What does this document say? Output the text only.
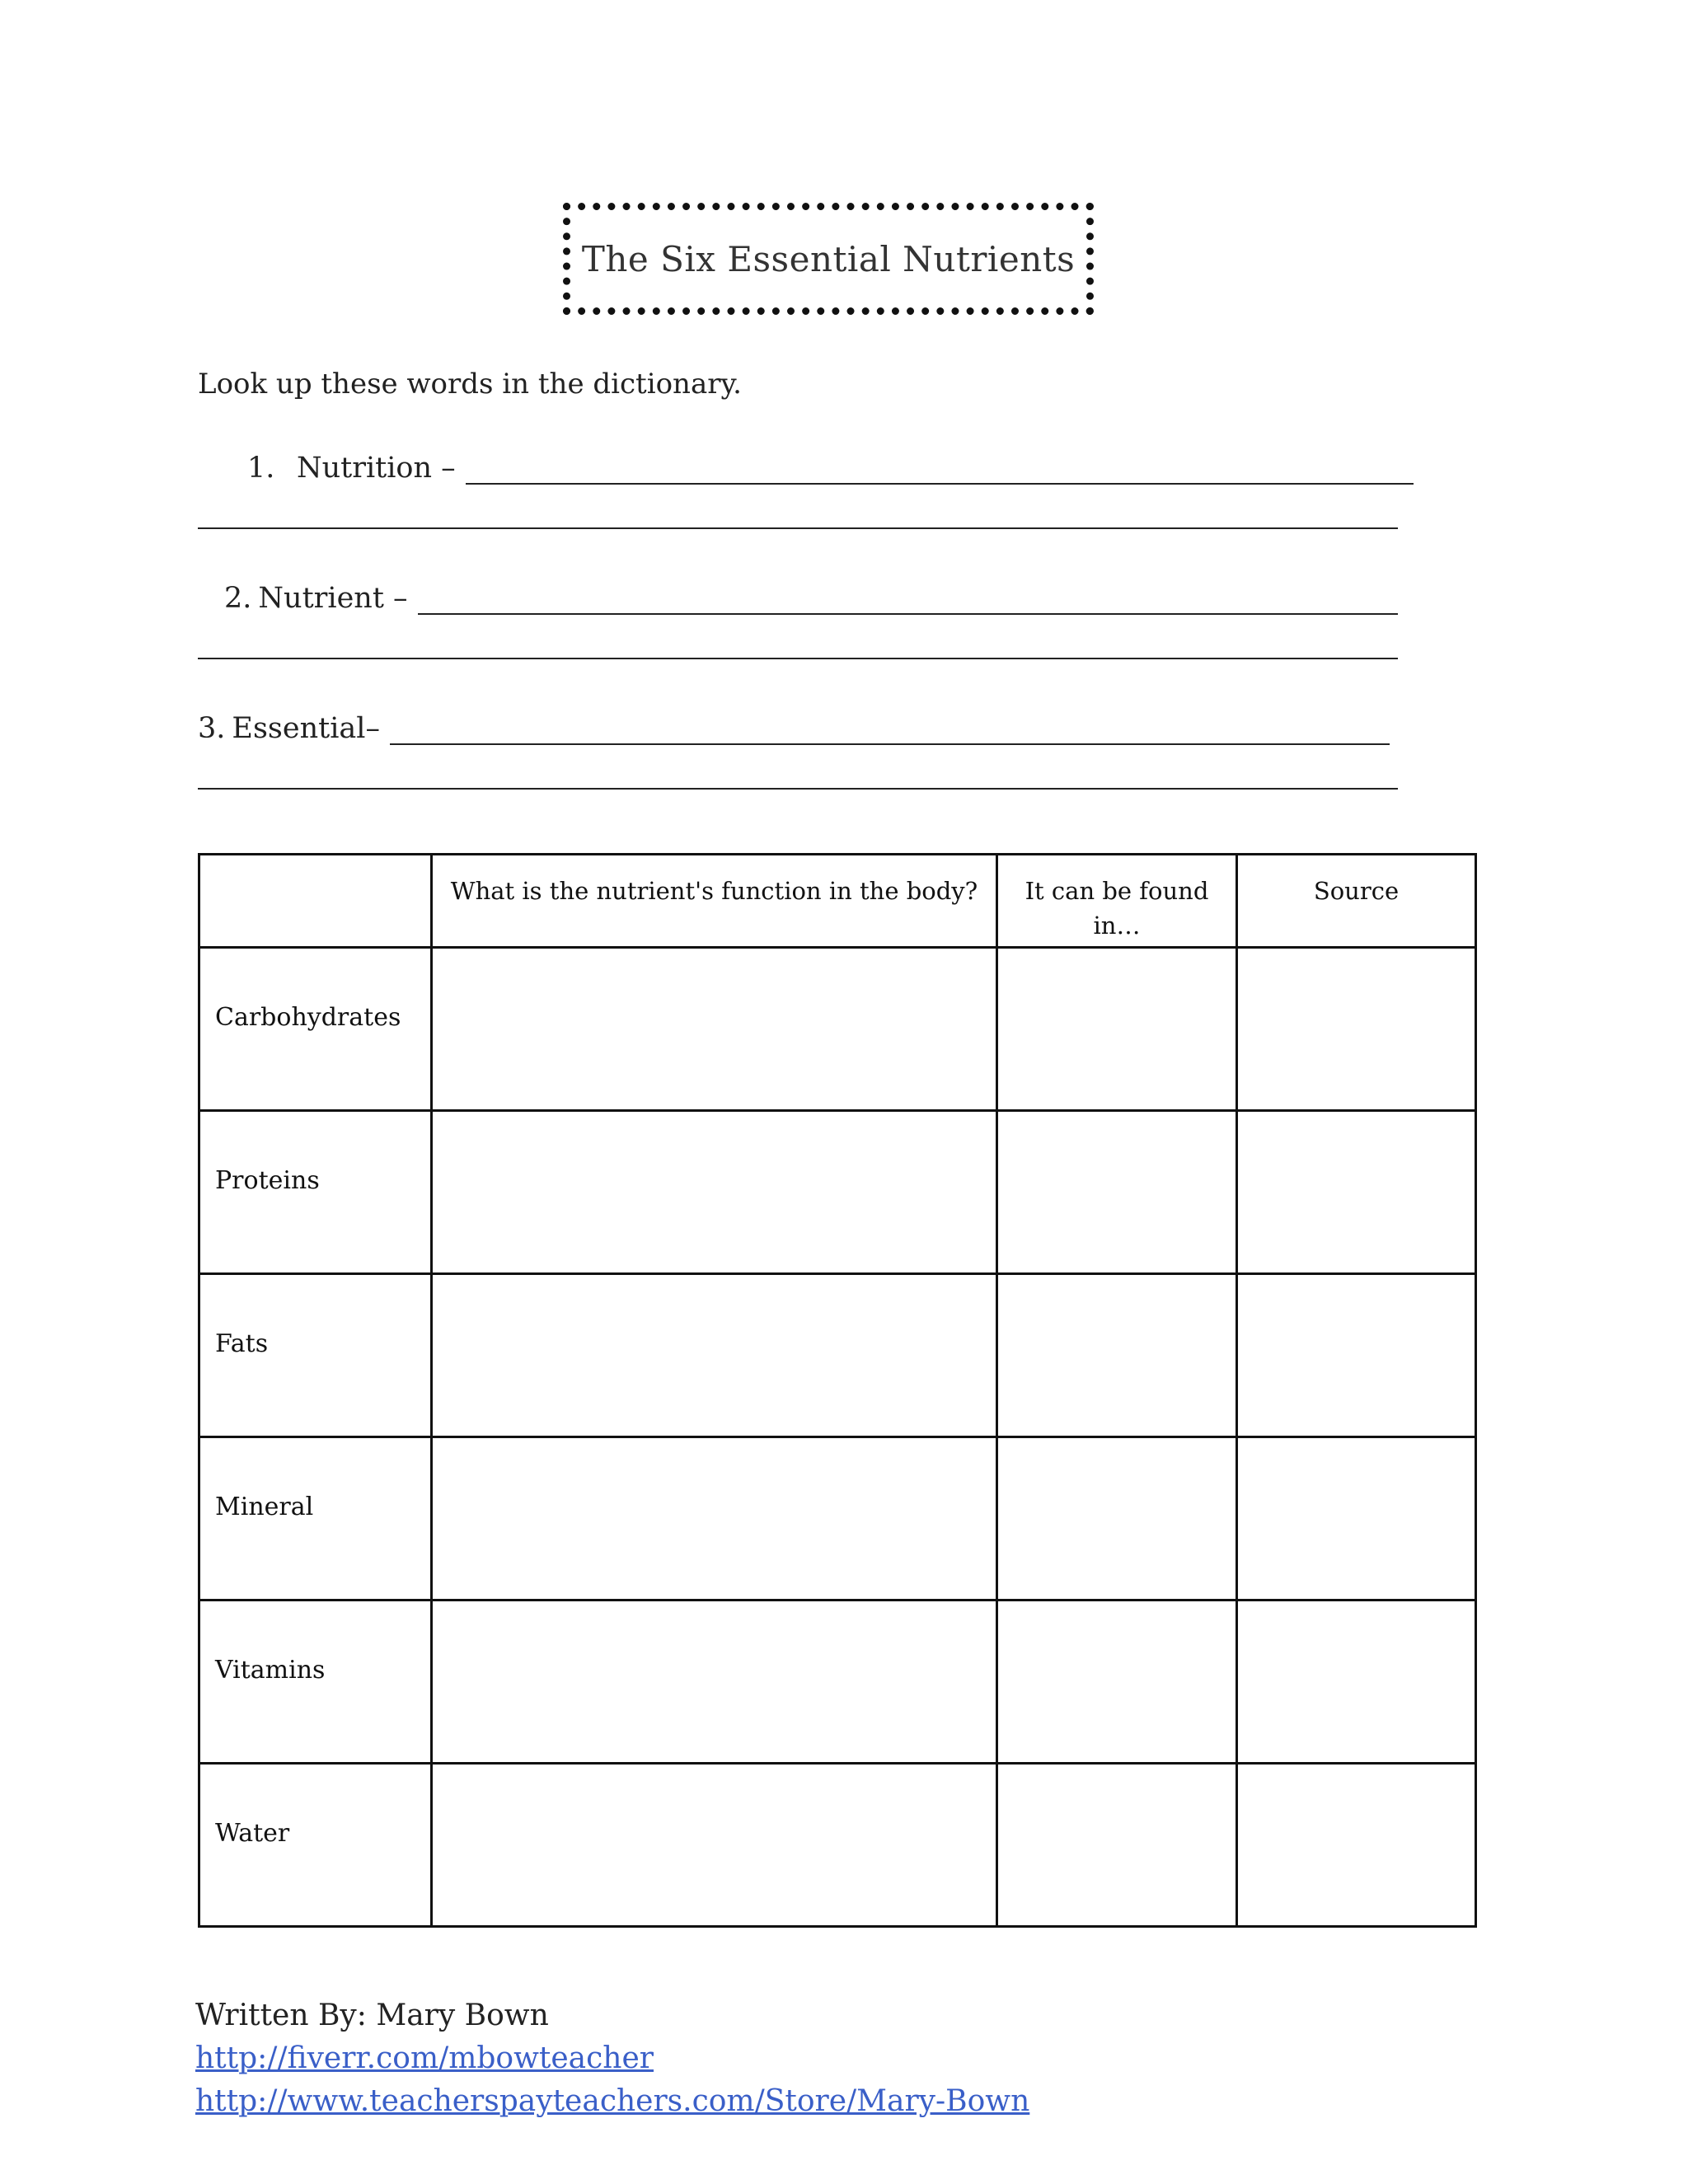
The Six Essential Nutrients
Look up these words in the dictionary.
1. Nutrition –
2. Nutrient –
3. Essential–
	What is the nutrient's function in the body?	It can be found in…	Source
Carbohydrates			
Proteins			
Fats			
Mineral			
Vitamins			
Water			
Written By: Mary Bown
http://fiverr.com/mbowteacher
http://www.teacherspayteachers.com/Store/Mary-Bown
